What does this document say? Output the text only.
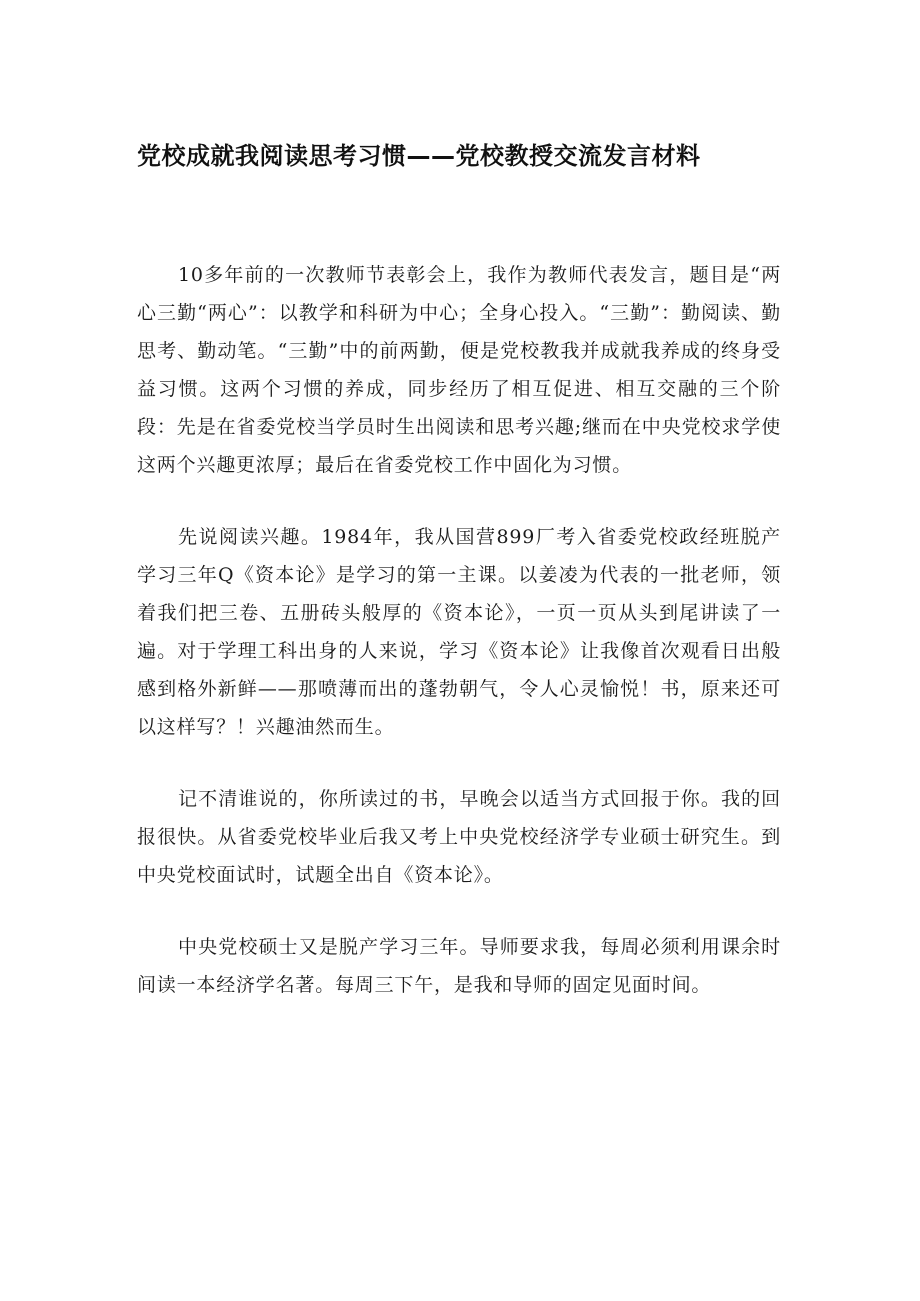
党校成就我阅读思考习惯——党校教授交流发言材料

10多年前的一次教师节表彰会上，我作为教师代表发言，题目是“两心三勤“两心”：以教学和科研为中心；全身心投入。“三勤”：勤阅读、勤思考、勤动笔。“三勤”中的前两勤，便是党校教我并成就我养成的终身受益习惯。这两个习惯的养成，同步经历了相互促进、相互交融的三个阶段：先是在省委党校当学员时生出阅读和思考兴趣;继而在中央党校求学使这两个兴趣更浓厚；最后在省委党校工作中固化为习惯。

先说阅读兴趣。1984年，我从国营899厂考入省委党校政经班脱产学习三年Q《资本论》是学习的第一主课。以姜凌为代表的一批老师，领着我们把三卷、五册砖头般厚的《资本论》，一页一页从头到尾讲读了一遍。对于学理工科出身的人来说，学习《资本论》让我像首次观看日出般感到格外新鲜——那喷薄而出的蓬勃朝气，令人心灵愉悦！书，原来还可以这样写？！兴趣油然而生。

记不清谁说的，你所读过的书，早晚会以适当方式回报于你。我的回报很快。从省委党校毕业后我又考上中央党校经济学专业硕士研究生。到中央党校面试时，试题全出自《资本论》。

中央党校硕士又是脱产学习三年。导师要求我，每周必须利用课余时间读一本经济学名著。每周三下午，是我和导师的固定见面时间。
